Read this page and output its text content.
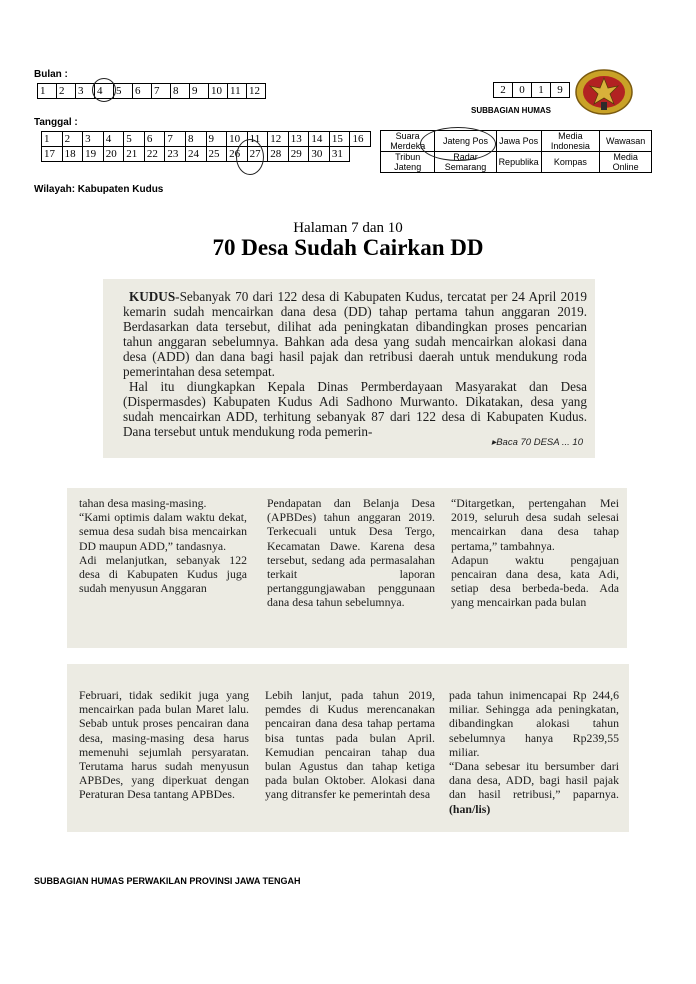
Bulan :
1	2	3	4	5	6	7	8	9	10	11	12
Tanggal :
1	2	3	4	5	6	7	8	9	10	11	12	13	14	15	16
17	18	19	20	21	22	23	24	25	26	27	28	29	30	31	
Wilayah: Kabupaten Kudus
2	0	1	9
SUBBAGIAN HUMAS
Suara Merdeka	Jateng Pos	Jawa Pos	Media Indonesia	Wawasan
Tribun Jateng	Radar Semarang	Republika	Kompas	Media Online
Halaman 7 dan 10
70 Desa Sudah Cairkan DD

KUDUS-Sebanyak 70 dari 122 desa di Kabupaten Kudus, tercatat per 24 April 2019 kemarin sudah mencairkan dana desa (DD) tahap pertama tahun anggaran 2019. Berdasarkan data tersebut, dilihat ada peningkatan dibandingkan proses pencarian tahun anggaran sebelumnya. Bahkan ada desa yang sudah mencairkan alokasi dana desa (ADD) dan dana bagi hasil pajak dan retribusi daerah untuk mendukung roda pemerintahan desa setempat.

Hal itu diungkapkan Kepala Dinas Permberdayaan Masyarakat dan Desa (Dispermasdes) Kabupaten Kudus Adi Sadhono Murwanto. Dikatakan, desa yang sudah mencairkan ADD, terhitung sebanyak 87 dari 122 desa di Kabupaten Kudus. Dana tersebut untuk mendukung roda pemerin-

▸Baca 70 DESA ... 10
tahan desa masing-masing.
“Kami optimis dalam waktu dekat, semua desa sudah bisa mencairkan DD maupun ADD,” tandasnya.
Adi melanjutkan, sebanyak 122 desa di Kabupaten Kudus juga sudah menyusun Anggaran
Pendapatan dan Belanja Desa (APBDes) tahun anggaran 2019. Terkecuali untuk Desa Tergo, Kecamatan Dawe. Karena desa tersebut, sedang ada permasalahan terkait laporan pertanggungjawaban penggunaan dana desa tahun sebelumnya.
“Ditargetkan, pertengahan Mei 2019, seluruh desa sudah selesai mencairkan dana desa tahap pertama,” tambahnya.
Adapun waktu pengajuan pencairan dana desa, kata Adi, setiap desa berbeda-beda. Ada yang mencairkan pada bulan
Februari, tidak sedikit juga yang mencairkan pada bulan Maret lalu. Sebab untuk proses pencairan dana desa, masing-masing desa harus memenuhi sejumlah persyaratan. Terutama harus sudah menyusun APBDes, yang diperkuat dengan Peraturan Desa tantang APBDes.
Lebih lanjut, pada tahun 2019, pemdes di Kudus merencanakan pencairan dana desa tahap pertama bisa tuntas pada bulan April. Kemudian pencairan tahap dua bulan Agustus dan tahap ketiga pada bulan Oktober. Alokasi dana yang ditransfer ke pemerintah desa
pada tahun inimencapai Rp 244,6 miliar. Sehingga ada peningkatan, dibandingkan alokasi tahun sebelumnya hanya Rp239,55 miliar.
“Dana sebesar itu bersumber dari dana desa, ADD, bagi hasil pajak dan hasil retribusi,” paparnya. (han/lis)
SUBBAGIAN HUMAS PERWAKILAN PROVINSI JAWA TENGAH
